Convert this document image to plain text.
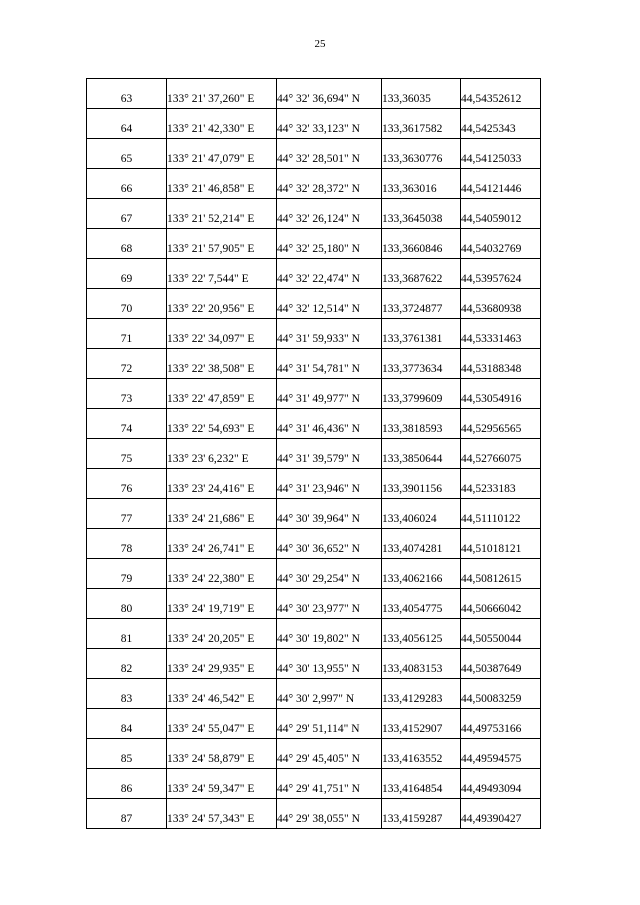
25
63	133° 21' 37,260" E	44° 32' 36,694" N	133,36035	44,54352612
64	133° 21' 42,330" E	44° 32' 33,123" N	133,3617582	44,5425343
65	133° 21' 47,079" E	44° 32' 28,501" N	133,3630776	44,54125033
66	133° 21' 46,858" E	44° 32' 28,372" N	133,363016	44,54121446
67	133° 21' 52,214" E	44° 32' 26,124" N	133,3645038	44,54059012
68	133° 21' 57,905" E	44° 32' 25,180" N	133,3660846	44,54032769
69	133° 22' 7,544" E	44° 32' 22,474" N	133,3687622	44,53957624
70	133° 22' 20,956" E	44° 32' 12,514" N	133,3724877	44,53680938
71	133° 22' 34,097" E	44° 31' 59,933" N	133,3761381	44,53331463
72	133° 22' 38,508" E	44° 31' 54,781" N	133,3773634	44,53188348
73	133° 22' 47,859" E	44° 31' 49,977" N	133,3799609	44,53054916
74	133° 22' 54,693" E	44° 31' 46,436" N	133,3818593	44,52956565
75	133° 23' 6,232" E	44° 31' 39,579" N	133,3850644	44,52766075
76	133° 23' 24,416" E	44° 31' 23,946" N	133,3901156	44,5233183
77	133° 24' 21,686" E	44° 30' 39,964" N	133,406024	44,51110122
78	133° 24' 26,741" E	44° 30' 36,652" N	133,4074281	44,51018121
79	133° 24' 22,380" E	44° 30' 29,254" N	133,4062166	44,50812615
80	133° 24' 19,719" E	44° 30' 23,977" N	133,4054775	44,50666042
81	133° 24' 20,205" E	44° 30' 19,802" N	133,4056125	44,50550044
82	133° 24' 29,935" E	44° 30' 13,955" N	133,4083153	44,50387649
83	133° 24' 46,542" E	44° 30' 2,997" N	133,4129283	44,50083259
84	133° 24' 55,047" E	44° 29' 51,114" N	133,4152907	44,49753166
85	133° 24' 58,879" E	44° 29' 45,405" N	133,4163552	44,49594575
86	133° 24' 59,347" E	44° 29' 41,751" N	133,4164854	44,49493094
87	133° 24' 57,343" E	44° 29' 38,055" N	133,4159287	44,49390427
